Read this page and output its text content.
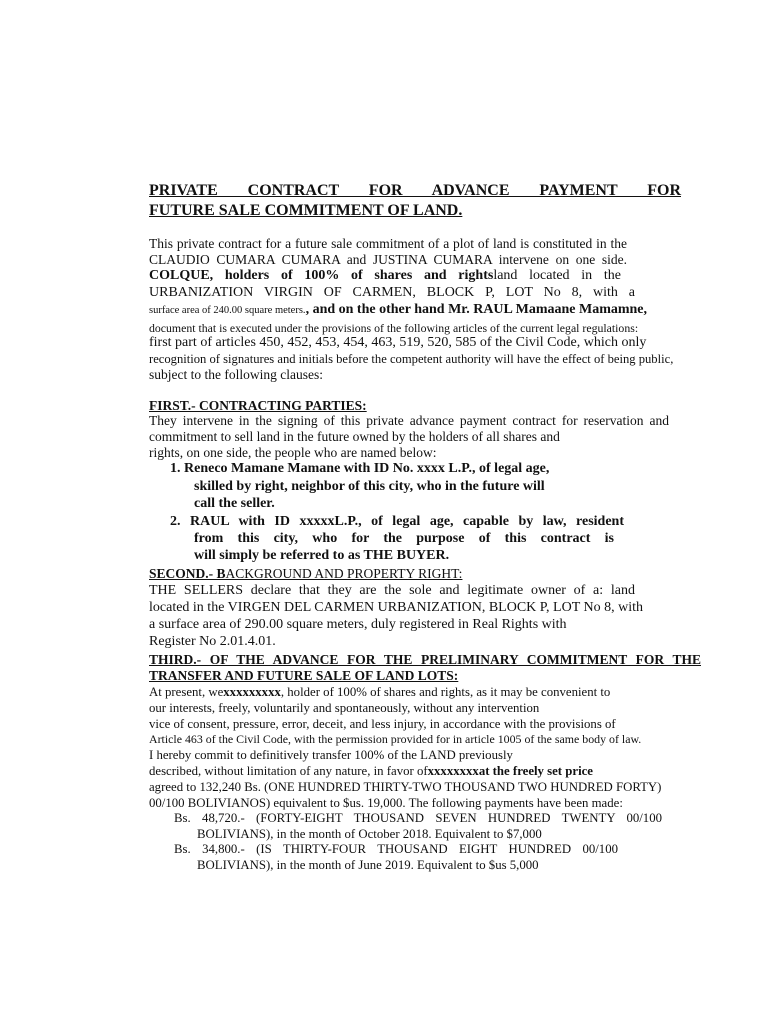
PRIVATE CONTRACT FOR ADVANCE PAYMENT FOR
FUTURE SALE COMMITMENT OF LAND.

This private contract for a future sale commitment of a plot of land is constituted in the

CLAUDIO CUMARA CUMARA and JUSTINA CUMARA intervene on one side.

COLQUE, holders of 100% of shares and rightsland located in the

URBANIZATION VIRGIN OF CARMEN, BLOCK P, LOT No 8, with a

surface area of 240.00 square meters., and on the other hand Mr. RAUL Mamaane Mamamne,

document that is executed under the provisions of the following articles of the current legal regulations:

first part of articles 450, 452, 453, 454, 463, 519, 520, 585 of the Civil Code, which only

recognition of signatures and initials before the competent authority will have the effect of being public,

subject to the following clauses:

FIRST.- CONTRACTING PARTIES:

They intervene in the signing of this private advance payment contract for reservation and

commitment to sell land in the future owned by the holders of all shares and

rights, on one side, the people who are named below:

1. Reneco Mamane Mamane with ID No. xxxx L.P., of legal age,

skilled by right, neighbor of this city, who in the future will

call the seller.

2. RAUL with ID xxxxxL.P., of legal age, capable by law, resident

from this city, who for the purpose of this contract is

will simply be referred to as THE BUYER.

SECOND.- BACKGROUND AND PROPERTY RIGHT:

THE SELLERS declare that they are the sole and legitimate owner of a: land

located in the VIRGEN DEL CARMEN URBANIZATION, BLOCK P, LOT No 8, with

a surface area of 290.00 square meters, duly registered in Real Rights with

Register No 2.01.4.01.

THIRD.- OF THE ADVANCE FOR THE PRELIMINARY COMMITMENT FOR THE

TRANSFER AND FUTURE SALE OF LAND LOTS:

At present, wexxxxxxxxx, holder of 100% of shares and rights, as it may be convenient to

our interests, freely, voluntarily and spontaneously, without any intervention

vice of consent, pressure, error, deceit, and less injury, in accordance with the provisions of

Article 463 of the Civil Code, with the permission provided for in article 1005 of the same body of law.

I hereby commit to definitively transfer 100% of the LAND previously

described, without limitation of any nature, in favor ofxxxxxxxxat the freely set price

agreed to 132,240 Bs. (ONE HUNDRED THIRTY-TWO THOUSAND TWO HUNDRED FORTY)

00/100 BOLIVIANOS) equivalent to $us. 19,000. The following payments have been made:

Bs. 48,720.- (FORTY-EIGHT THOUSAND SEVEN HUNDRED TWENTY 00/100

BOLIVIANS), in the month of October 2018. Equivalent to $7,000

Bs. 34,800.- (IS THIRTY-FOUR THOUSAND EIGHT HUNDRED 00/100

BOLIVIANS), in the month of June 2019. Equivalent to $us 5,000
